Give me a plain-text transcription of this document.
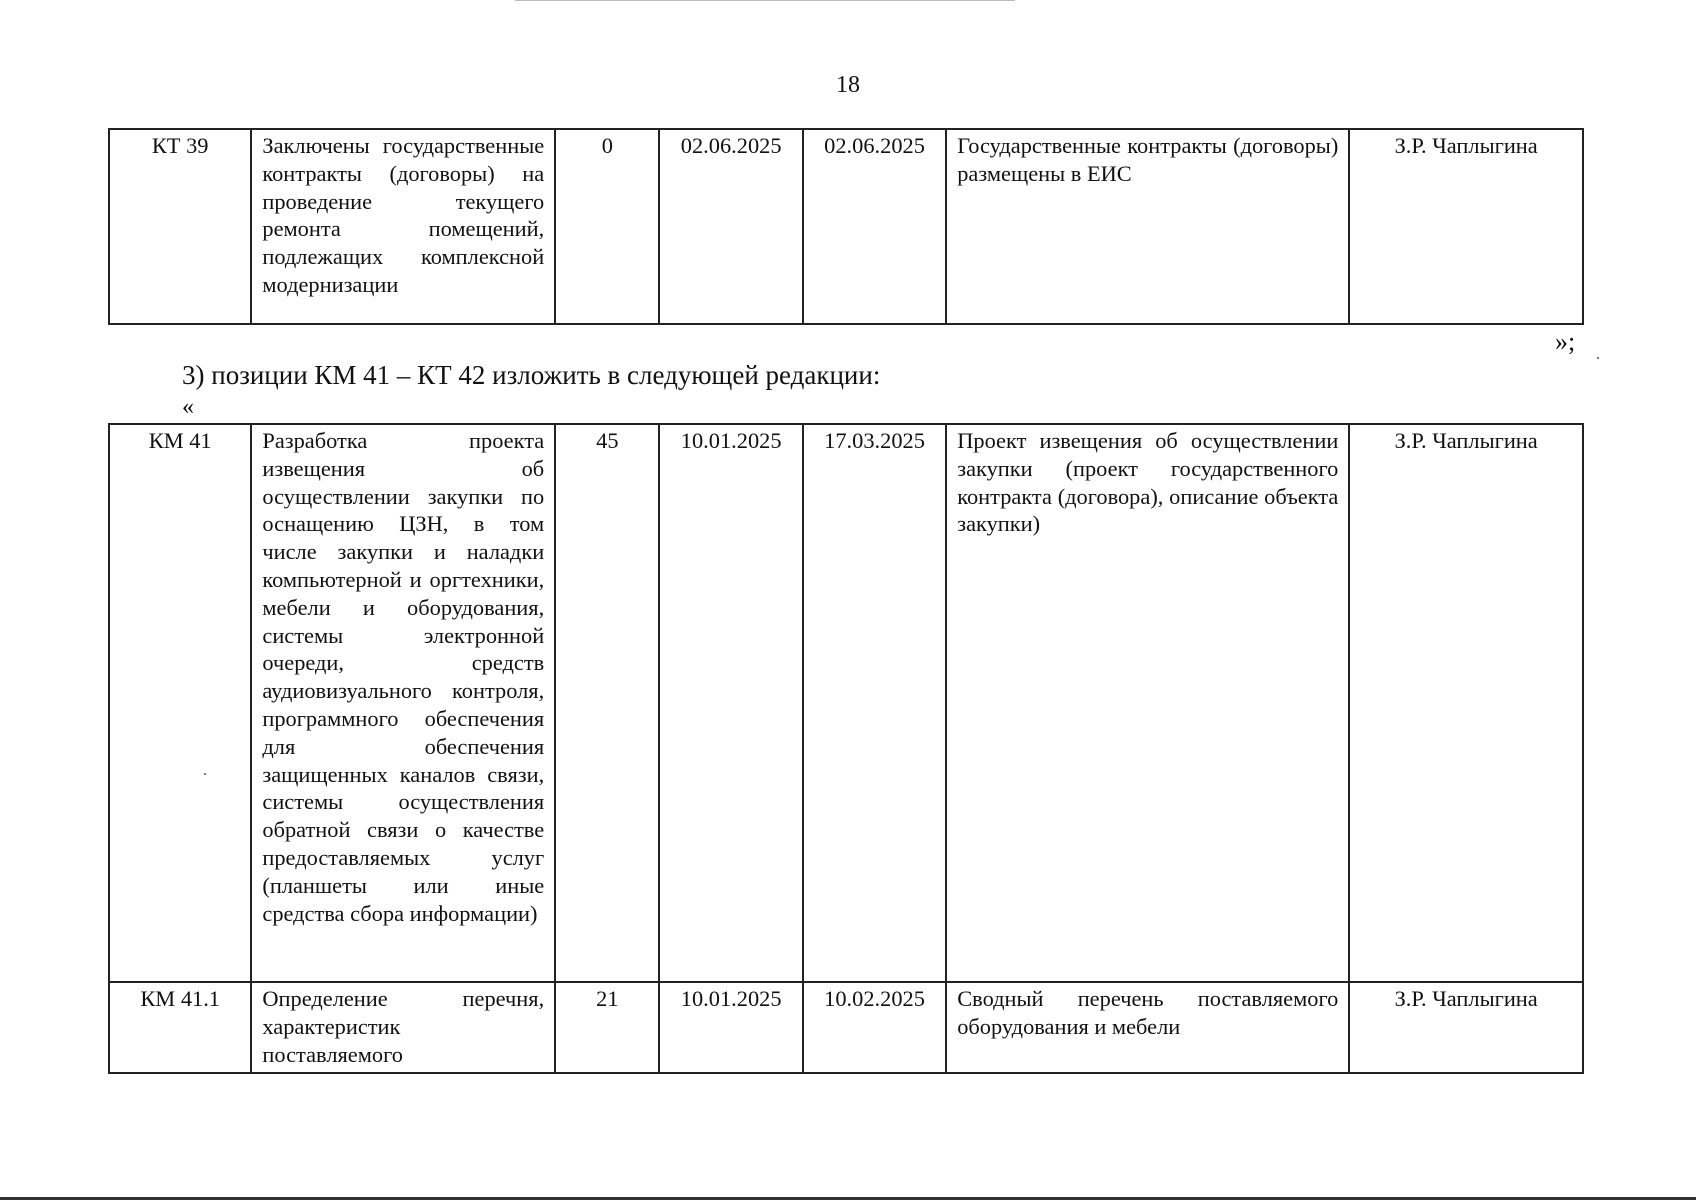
18
КТ 39	Заключены государственные контракты (договоры) на проведение текущего ремонта помещений, подлежащих комплексной модернизации	0	02.06.2025	02.06.2025	Государственные контракты (договоры) размещены в ЕИС	З.Р. Чаплыгина
»;
3) позиции КМ 41 – КТ 42 изложить в следующей редакции:
«
КМ 41	Разработка проекта извещения об осуществлении закупки по оснащению ЦЗН, в том числе закупки и наладки компьютерной и оргтехники, мебели и оборудования, системы электронной очереди, средств аудиовизуального контроля, программного обеспечения для обеспечения защищенных каналов связи, системы осуществления обратной связи о качестве предоставляемых услуг (планшеты или иные средства сбора информации)	45	10.01.2025	17.03.2025	Проект извещения об осуществлении закупки (проект государственного контракта (договора), описание объекта закупки)	З.Р. Чаплыгина
КМ 41.1	Определение перечня, характеристик поставляемого	21	10.01.2025	10.02.2025	Сводный перечень поставляемого оборудования и мебели	З.Р. Чаплыгина
